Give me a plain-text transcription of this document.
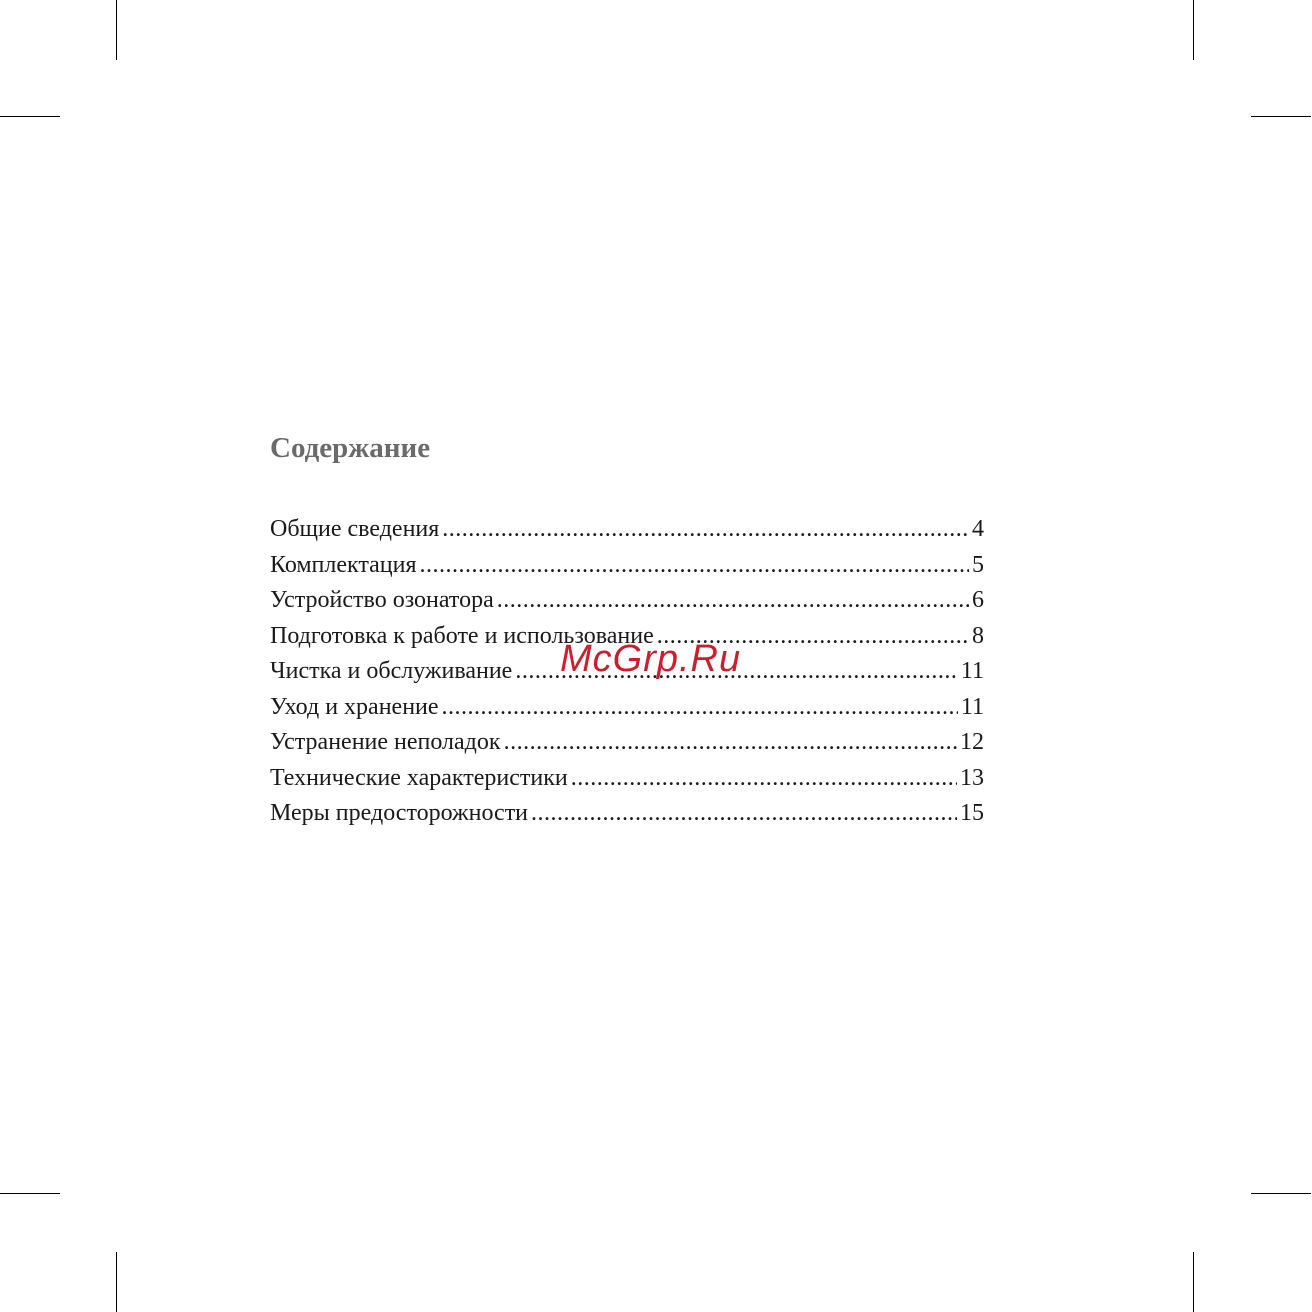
Содержание
Общие сведения .....	4
Комплектация .....	5
Устройство озонатора .....	6
Подготовка к работе и использование .....	8
Чистка и обслуживание .....	11
Уход и хранение .....	11
Устранение неполадок .....	12
Технические характеристики .....	13
Меры предосторожности .....	15
McGrp.Ru
